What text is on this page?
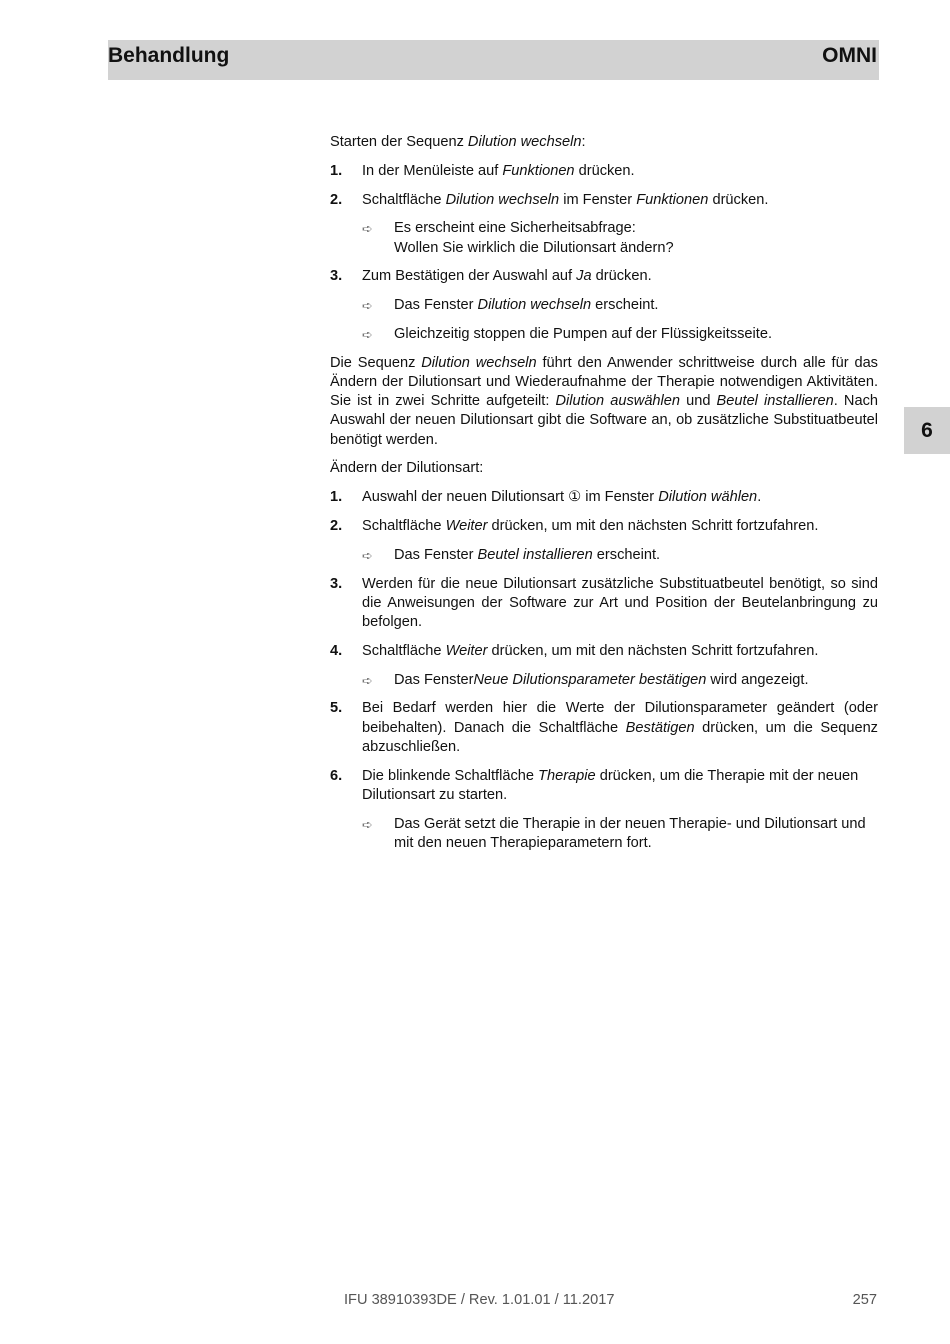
Behandlung	OMNI
6

Starten der Sequenz Dilution wechseln:

1. In der Menüleiste auf Funktionen drücken.
2. Schaltfläche Dilution wechseln im Fenster Funktionen drücken.
➪ Es erscheint eine Sicherheitsabfrage:
Wollen Sie wirklich die Dilutionsart ändern?
3. Zum Bestätigen der Auswahl auf Ja drücken.
➪ Das Fenster Dilution wechseln erscheint.
➪ Gleichzeitig stoppen die Pumpen auf der Flüssigkeitsseite.

Die Sequenz Dilution wechseln führt den Anwender schrittweise durch alle für das Ändern der Dilutionsart und Wiederaufnahme der Therapie notwendigen Aktivitäten. Sie ist in zwei Schritte aufgeteilt: Dilution auswählen und Beutel installieren. Nach Auswahl der neuen Dilutionsart gibt die Software an, ob zusätzliche Substituatbeutel benötigt werden.

Ändern der Dilutionsart:

1. Auswahl der neuen Dilutionsart ① im Fenster Dilution wählen.
2. Schaltfläche Weiter drücken, um mit den nächsten Schritt fortzufahren.
➪ Das Fenster Beutel installieren erscheint.
3. Werden für die neue Dilutionsart zusätzliche Substituatbeutel benötigt, so sind die Anweisungen der Software zur Art und Position der Beutelanbringung zu befolgen.
4. Schaltfläche Weiter drücken, um mit den nächsten Schritt fortzufahren.
➪ Das FensterNeue Dilutionsparameter bestätigen wird angezeigt.
5. Bei Bedarf werden hier die Werte der Dilutionsparameter geändert (oder beibehalten). Danach die Schaltfläche Bestätigen drücken, um die Sequenz abzuschließen.
6. Die blinkende Schaltfläche Therapie drücken, um die Therapie mit der neuen Dilutionsart zu starten.
➪ Das Gerät setzt die Therapie in der neuen Therapie- und Dilutionsart und mit den neuen Therapieparametern fort.
IFU 38910393DE / Rev. 1.01.01 / 11.2017	257
